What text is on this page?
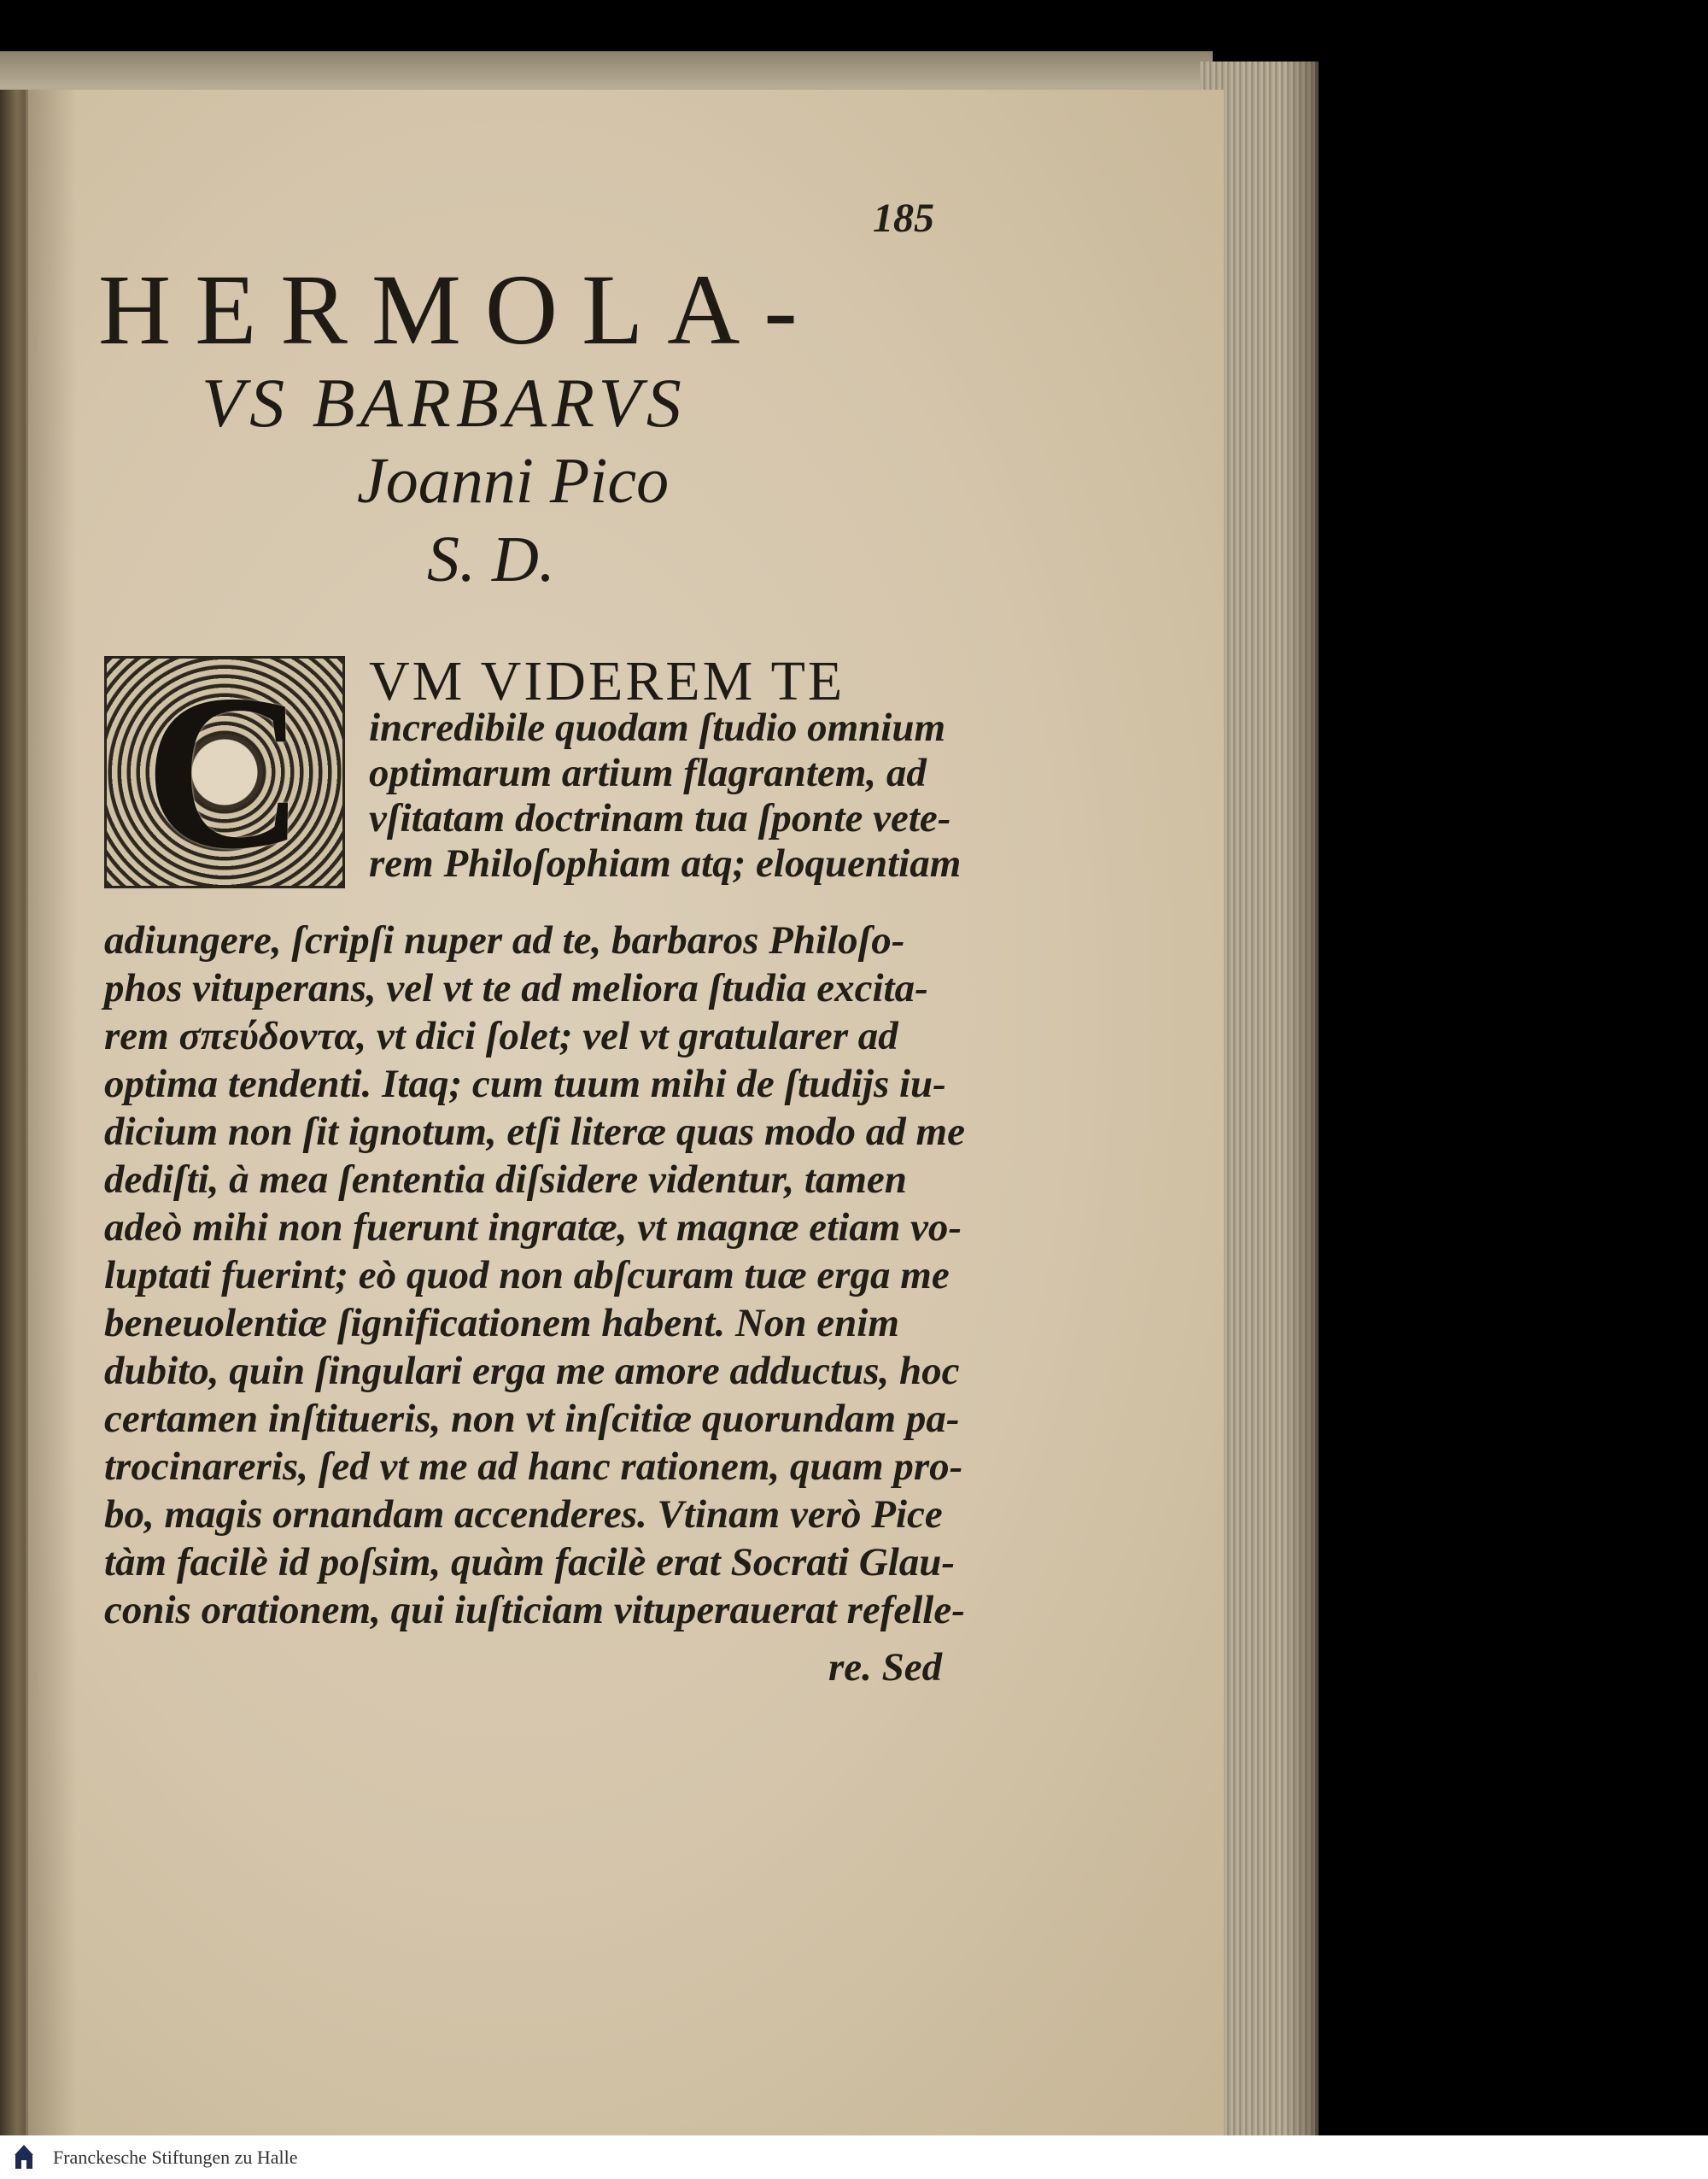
185
HERMOLA-
VS BARBARVS
Joanni Pico
S. D.
C	VM VIDEREM TE
incredibile quodam ſtudio omnium
optimarum artium flagrantem, ad
vſitatam doctrinam tua ſponte vete-
rem Philoſophiam atq; eloquentiam
adiungere, ſcripſi nuper ad te, barbaros Philoſo-
phos vituperans, vel vt te ad meliora ſtudia excita-
rem σπεύδοντα, vt dici ſolet; vel vt gratularer ad
optima tendenti. Itaq; cum tuum mihi de ſtudijs iu-
dicium non ſit ignotum, etſi literæ quas modo ad me
dediſti, à mea ſententia diſsidere videntur, tamen
adeò mihi non fuerunt ingratæ, vt magnæ etiam vo-
luptati fuerint; eò quod non abſcuram tuæ erga me
beneuolentiæ ſignificationem habent. Non enim
dubito, quin ſingulari erga me amore adductus, hoc
certamen inſtitueris, non vt inſcitiæ quorundam pa-
trocinareris, ſed vt me ad hanc rationem, quam pro-
bo, magis ornandam accenderes. Vtinam verò Pice
tàm facilè id poſsim, quàm facilè erat Socrati Glau-
conis orationem, qui iuſticiam vituperauerat refelle-
re. Sed
Franckesche Stiftungen zu Halle
